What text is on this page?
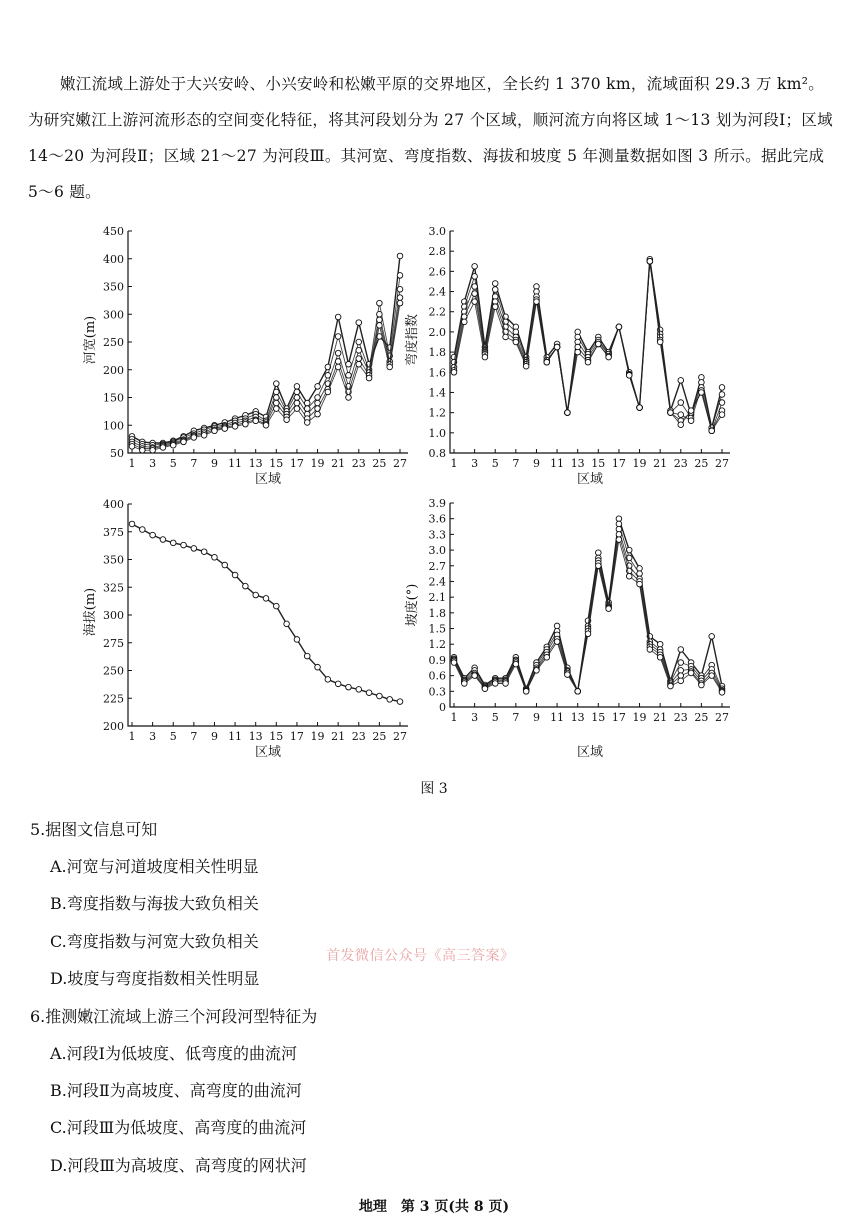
嫩江流域上游处于大兴安岭、小兴安岭和松嫩平原的交界地区，全长约 1 370 km，流域面积 29.3 万 km²。为研究嫩江上游河流形态的空间变化特征，将其河段划分为 27 个区域，顺河流方向将区域 1～13 划为河段Ⅰ；区域 14～20 为河段Ⅱ；区域 21～27 为河段Ⅲ。其河宽、弯度指数、海拔和坡度 5 年测量数据如图 3 所示。据此完成 5～6 题。

50
100
150
200
250
300
350
400
450
1 3 5 7 9 11 13 15 17 19 21 23 25 27
区域
河宽(m)
0.8
1.0
1.2
1.4
1.6
1.8
2.0
2.2
2.4
2.6
2.8
3.0
1 3 5 7 9 11 13 15 17 19 21 23 25 27
区域
弯度指数
200
225
250
275
300
325
350
375
400
1 3 5 7 9 11 13 15 17 19 21 23 25 27
区域
海拔(m)
0
0.3
0.6
0.9
1.2
1.5
1.8
2.1
2.4
2.7
3.0
3.3
3.6
3.9
1 3 5 7 9 11 13 15 17 19 21 23 25 27
区域
坡度(°)
图 3

5.据图文信息可知

A.河宽与河道坡度相关性明显

B.弯度指数与海拔大致负相关

C.弯度指数与河宽大致负相关

D.坡度与弯度指数相关性明显

首发微信公众号《高三答案》

6.推测嫩江流域上游三个河段河型特征为

A.河段Ⅰ为低坡度、低弯度的曲流河

B.河段Ⅱ为高坡度、高弯度的曲流河

C.河段Ⅲ为低坡度、高弯度的曲流河

D.河段Ⅲ为高坡度、高弯度的网状河

地理　第 3 页(共 8 页)
